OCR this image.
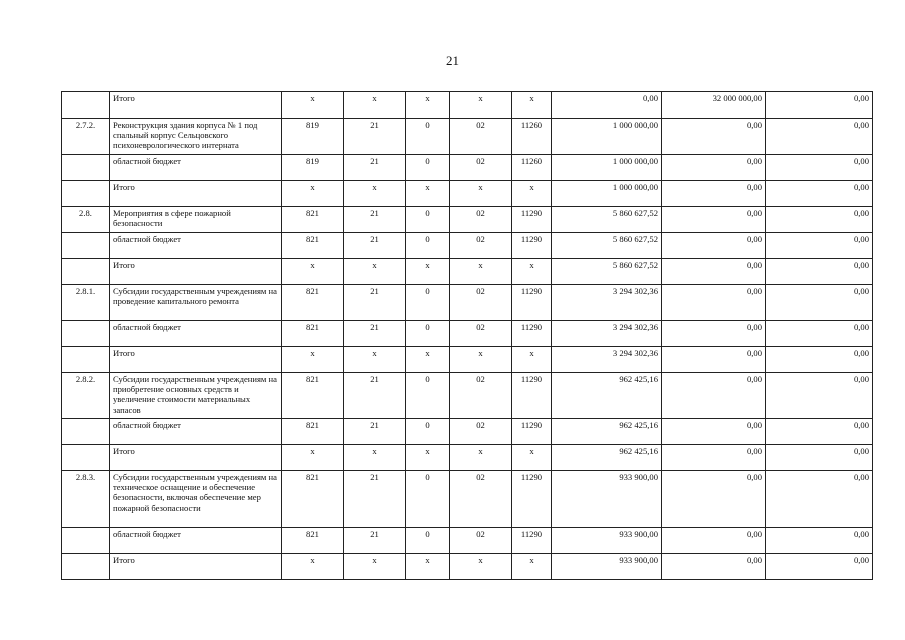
21
	Итого	x	x	x	x	x	0,00	32 000 000,00	0,00
2.7.2.	Реконструкция здания корпуса № 1 под спальный корпус Сельцовского психоневрологического интерната	819	21	0	02	11260	1 000 000,00	0,00	0,00
	областной бюджет	819	21	0	02	11260	1 000 000,00	0,00	0,00
	Итого	x	x	x	x	x	1 000 000,00	0,00	0,00
2.8.	Мероприятия в сфере пожарной безопасности	821	21	0	02	11290	5 860 627,52	0,00	0,00
	областной бюджет	821	21	0	02	11290	5 860 627,52	0,00	0,00
	Итого	x	x	x	x	x	5 860 627,52	0,00	0,00
2.8.1.	Субсидии государственным учреждениям на проведение капитального ремонта	821	21	0	02	11290	3 294 302,36	0,00	0,00
	областной бюджет	821	21	0	02	11290	3 294 302,36	0,00	0,00
	Итого	x	x	x	x	x	3 294 302,36	0,00	0,00
2.8.2.	Субсидии государственным учреждениям на приобретение основных средств и увеличение стоимости материальных запасов	821	21	0	02	11290	962 425,16	0,00	0,00
	областной бюджет	821	21	0	02	11290	962 425,16	0,00	0,00
	Итого	x	x	x	x	x	962 425,16	0,00	0,00
2.8.3.	Субсидии государственным учреждениям на техническое оснащение и обеспечение безопасности, включая обеспечение мер пожарной безопасности	821	21	0	02	11290	933 900,00	0,00	0,00
	областной бюджет	821	21	0	02	11290	933 900,00	0,00	0,00
	Итого	x	x	x	x	x	933 900,00	0,00	0,00
